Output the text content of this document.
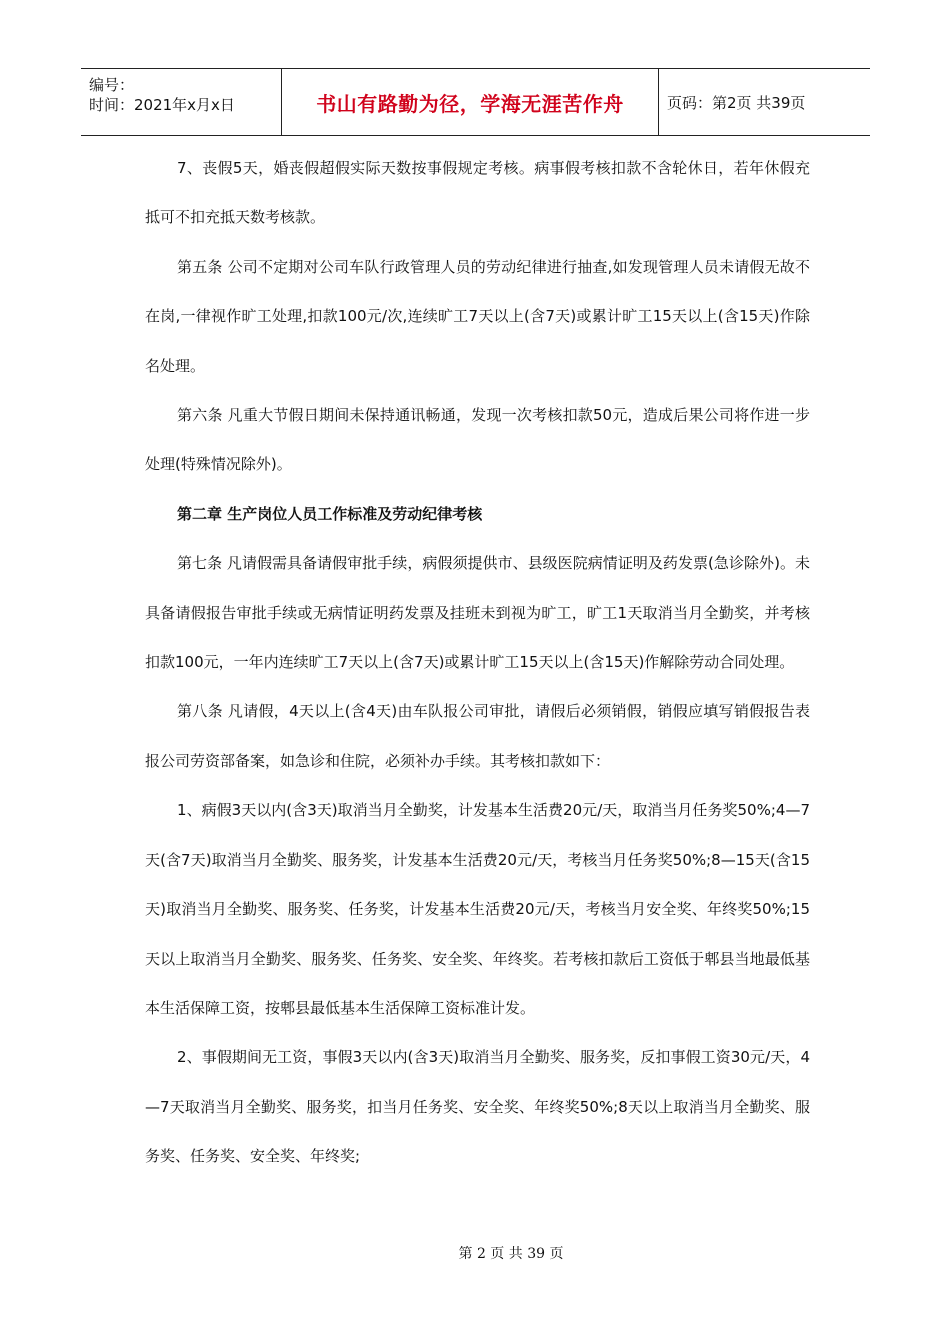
编号：
时间：2021年x月x日	书山有路勤为径，学海无涯苦作舟	页码：第2页 共39页

7、丧假5天，婚丧假超假实际天数按事假规定考核。病事假考核扣款不含轮休日，若年休假充抵可不扣充抵天数考核款。

第五条 公司不定期对公司车队行政管理人员的劳动纪律进行抽查,如发现管理人员未请假无故不在岗,一律视作旷工处理,扣款100元/次,连续旷工7天以上(含7天)或累计旷工15天以上(含15天)作除名处理。

第六条 凡重大节假日期间未保持通讯畅通，发现一次考核扣款50元，造成后果公司将作进一步处理(特殊情况除外)。

第二章 生产岗位人员工作标准及劳动纪律考核

第七条 凡请假需具备请假审批手续，病假须提供市、县级医院病情证明及药发票(急诊除外)。未具备请假报告审批手续或无病情证明药发票及挂班未到视为旷工，旷工1天取消当月全勤奖，并考核扣款100元，一年内连续旷工7天以上(含7天)或累计旷工15天以上(含15天)作解除劳动合同处理。

第八条 凡请假，4天以上(含4天)由车队报公司审批，请假后必须销假，销假应填写销假报告表报公司劳资部备案，如急诊和住院，必须补办手续。其考核扣款如下：

1、病假3天以内(含3天)取消当月全勤奖，计发基本生活费20元/天，取消当月任务奖50%;4—7天(含7天)取消当月全勤奖、服务奖，计发基本生活费20元/天，考核当月任务奖50%;8—15天(含15天)取消当月全勤奖、服务奖、任务奖，计发基本生活费20元/天，考核当月安全奖、年终奖50%;15天以上取消当月全勤奖、服务奖、任务奖、安全奖、年终奖。若考核扣款后工资低于郫县当地最低基本生活保障工资，按郫县最低基本生活保障工资标准计发。

2、事假期间无工资，事假3天以内(含3天)取消当月全勤奖、服务奖，反扣事假工资30元/天，4—7天取消当月全勤奖、服务奖，扣当月任务奖、安全奖、年终奖50%;8天以上取消当月全勤奖、服务奖、任务奖、安全奖、年终奖;

第 2 页 共 39 页
